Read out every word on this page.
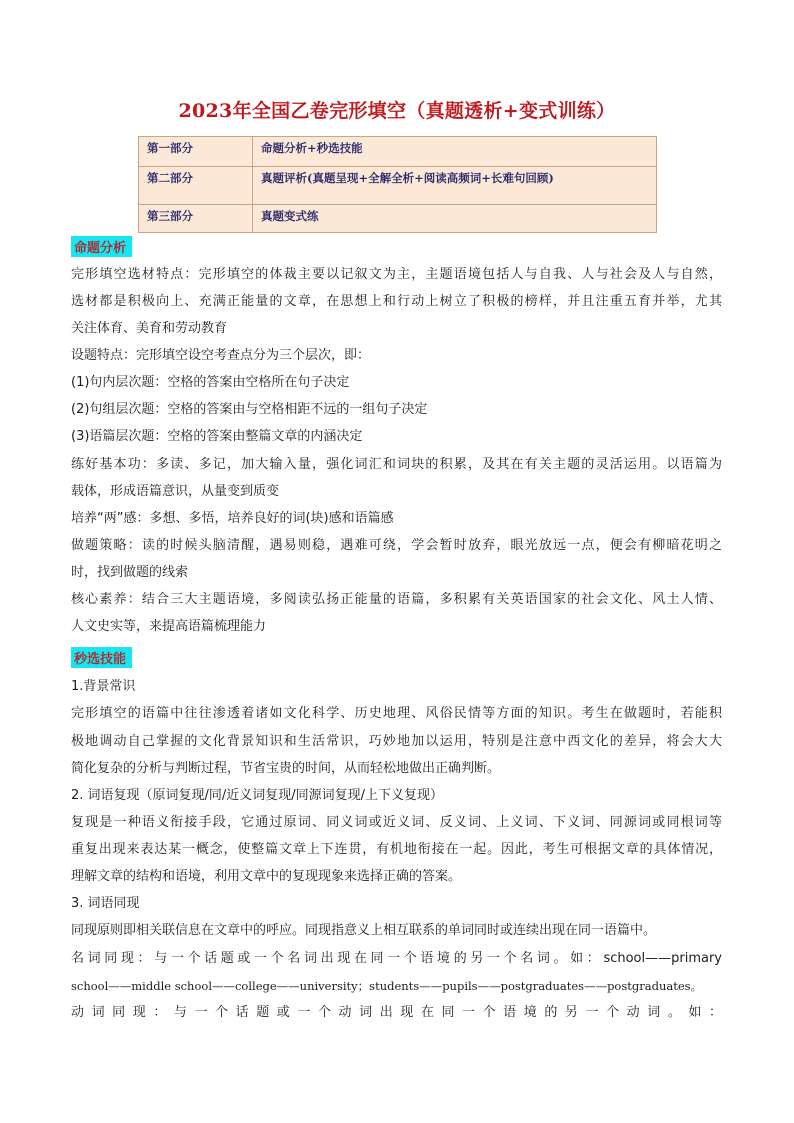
2023年全国乙卷完形填空（真题透析+变式训练）
第一部分	命题分析+秒选技能
第二部分	真题评析(真题呈现+全解全析+阅读高频词+长难句回顾)
第三部分	真题变式练
命题分析
完形填空选材特点：完形填空的体裁主要以记叙文为主，主题语境包括人与自我、人与社会及人与自然，
选材都是积极向上、充满正能量的文章，在思想上和行动上树立了积极的榜样，并且注重五育并举，尤其
关注体育、美育和劳动教育
设题特点：完形填空设空考查点分为三个层次，即：
(1)句内层次题：空格的答案由空格所在句子决定
(2)句组层次题：空格的答案由与空格相距不远的一组句子决定
(3)语篇层次题：空格的答案由整篇文章的内涵决定
练好基本功：多读、多记，加大输入量，强化词汇和词块的积累，及其在有关主题的灵活运用。以语篇为
载体，形成语篇意识，从量变到质变
培养“两”感：多想、多悟，培养良好的词(块)感和语篇感
做题策略：读的时候头脑清醒，遇易则稳，遇难可绕，学会暂时放弃，眼光放远一点，便会有柳暗花明之
时，找到做题的线索
核心素养：结合三大主题语境，多阅读弘扬正能量的语篇，多积累有关英语国家的社会文化、风土人情、
人文史实等，来提高语篇梳理能力
秒选技能
1.背景常识
完形填空的语篇中往往渗透着诸如文化科学、历史地理、风俗民情等方面的知识。考生在做题时，若能积
极地调动自己掌握的文化背景知识和生活常识，巧妙地加以运用，特别是注意中西文化的差异，将会大大
简化复杂的分析与判断过程，节省宝贵的时间，从而轻松地做出正确判断。
2. 词语复现（原词复现/同/近义词复现/同源词复现/上下义复现）
复现是一种语义衔接手段，它通过原词、同义词或近义词、反义词、上义词、下义词、同源词或同根词等
重复出现来表达某一概念，使整篇文章上下连贯，有机地衔接在一起。因此，考生可根据文章的具体情况，
理解文章的结构和语境，利用文章中的复现现象来选择正确的答案。
3. 词语同现
同现原则即相关联信息在文章中的呼应。同现指意义上相互联系的单词同时或连续出现在同一语篇中。
名词同现：与一个话题或一个名词出现在同一个语境的另一个名词。如：school——primary
school——middle school——college——university；students——pupils——postgraduates——postgraduates。
动词同现：与一个话题或一个动词出现在同一个语境的另一个动词。如：
